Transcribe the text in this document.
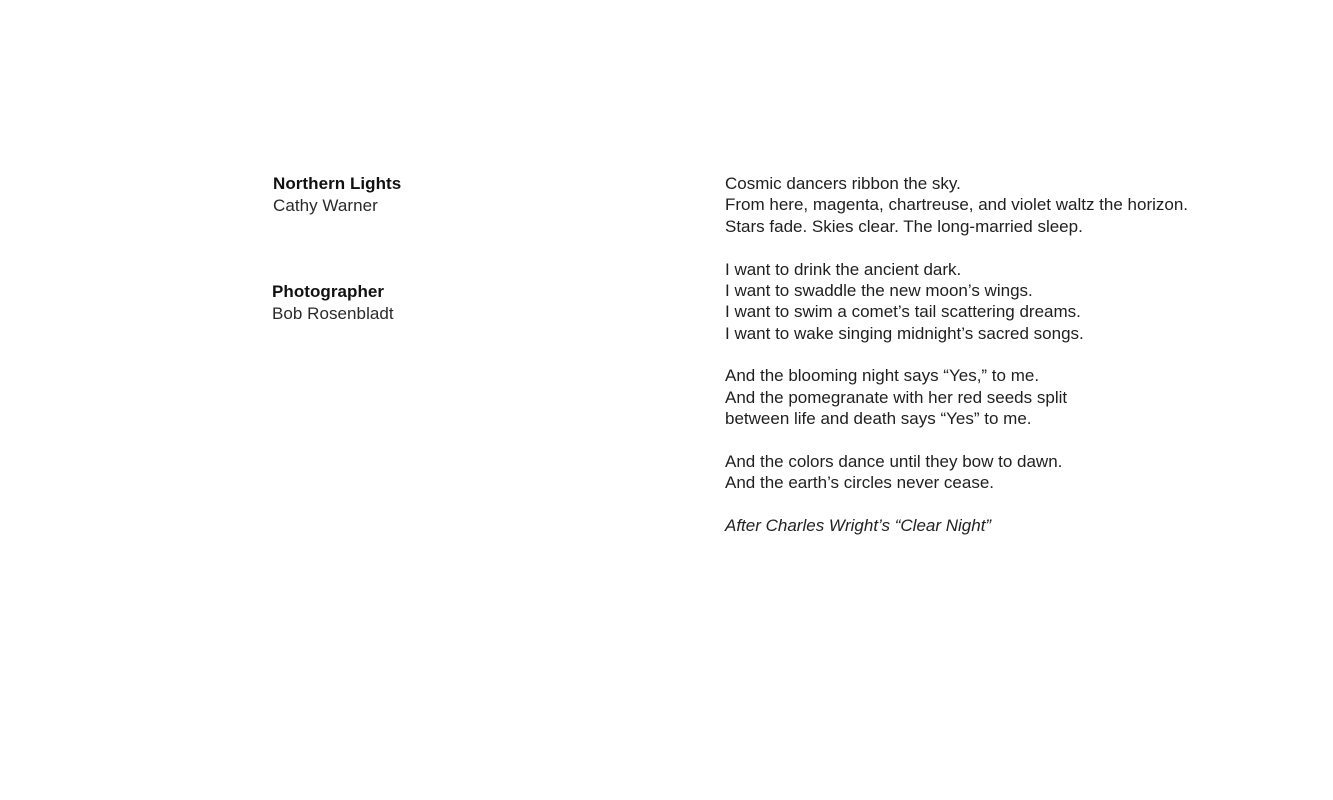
Northern Lights
Cathy Warner
Photographer
Bob Rosenbladt
Cosmic dancers ribbon the sky.
From here, magenta, chartreuse, and violet waltz the horizon.
Stars fade. Skies clear. The long-married sleep.
I want to drink the ancient dark.
I want to swaddle the new moon’s wings.
I want to swim a comet’s tail scattering dreams.
I want to wake singing midnight’s sacred songs.
And the blooming night says “Yes,” to me.
And the pomegranate with her red seeds split
between life and death says “Yes” to me.
And the colors dance until they bow to dawn.
And the earth’s circles never cease.
After Charles Wright’s “Clear Night”
